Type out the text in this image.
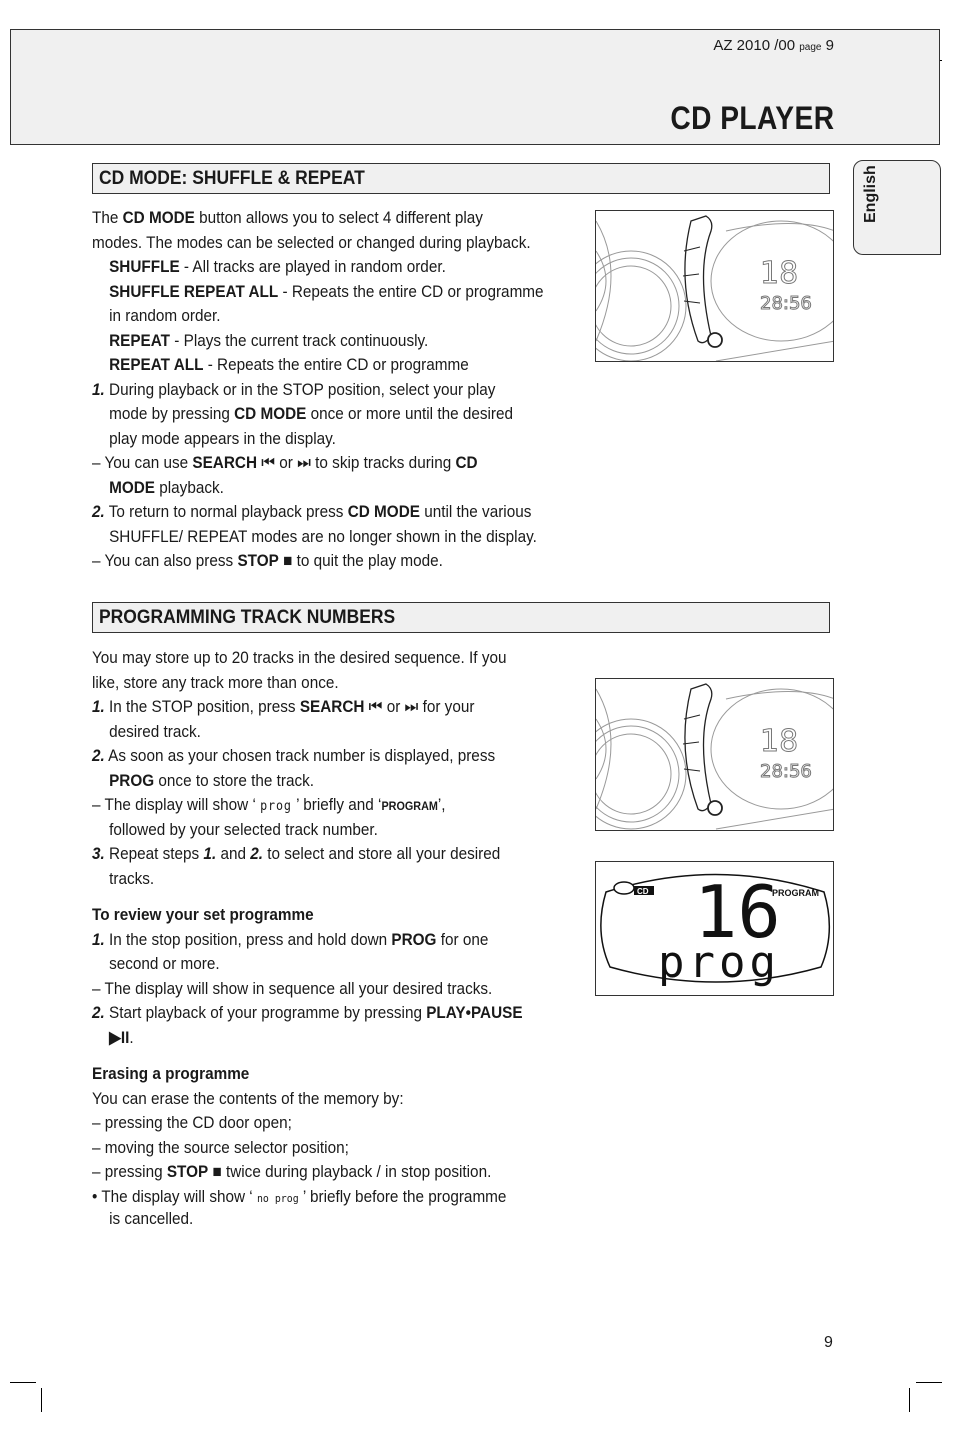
AZ 2010 /00 page 9
CD PLAYER
English
CD MODE: SHUFFLE & REPEAT
The CD MODE button allows you to select 4 different play
modes. The modes can be selected or changed during playback.
SHUFFLE - All tracks are played in random order.
SHUFFLE REPEAT ALL - Repeats the entire CD or programme
in random order.
REPEAT - Plays the current track continuously.
REPEAT ALL - Repeats the entire CD or programme
1. During playback or in the STOP position, select your play
mode by pressing CD MODE once or more until the desired
play mode appears in the display.
– You can use SEARCH ⏮ or ⏭ to skip tracks during CD
MODE playback.
2. To return to normal playback press CD MODE until the various
SHUFFLE/ REPEAT modes are no longer shown in the display.
– You can also press STOP ■ to quit the play mode.
18
28:56
PROGRAMMING TRACK NUMBERS
You may store up to 20 tracks in the desired sequence. If you
like, store any track more than once.
1. In the STOP position, press SEARCH ⏮ or ⏭ for your
desired track.
2. As soon as your chosen track number is displayed, press
PROG once to store the track.
– The display will show ‘ prog ’ briefly and ‘PROGRAM’,
followed by your selected track number.
3. Repeat steps 1. and 2. to select and store all your desired
tracks.
To review your set programme
1. In the stop position, press and hold down PROG for one
second or more.
– The display will show in sequence all your desired tracks.
2. Start playback of your programme by pressing PLAY•PAUSE
▶II.
Erasing a programme
You can erase the contents of the memory by:
– pressing the CD door open;
– moving the source selector position;
– pressing STOP ■ twice during playback / in stop position.
• The display will show ‘ no prog ’ briefly before the programme
is cancelled.
18
28:56
CD	PROGRAM
16
prog
9
